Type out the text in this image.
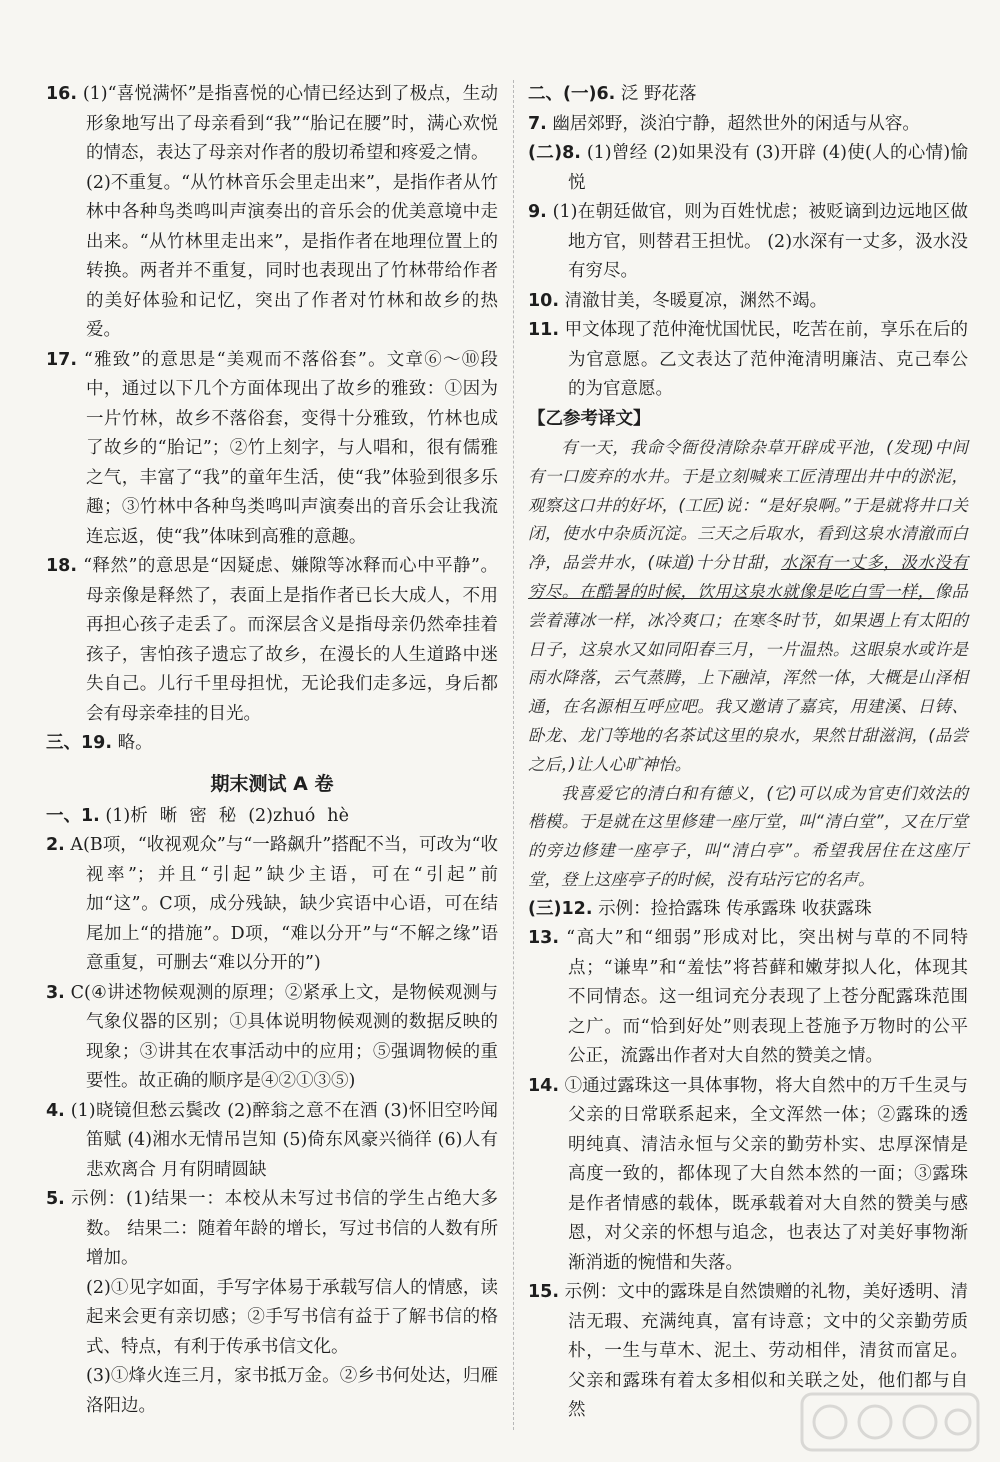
16. (1)“喜悦满怀”是指喜悦的心情已经达到了极点，生动形象地写出了母亲看到“我”“胎记在腰”时，满心欢悦的情态，表达了母亲对作者的殷切希望和疼爱之情。

(2)不重复。“从竹林音乐会里走出来”，是指作者从竹林中各种鸟类鸣叫声演奏出的音乐会的优美意境中走出来。“从竹林里走出来”，是指作者在地理位置上的转换。两者并不重复，同时也表现出了竹林带给作者的美好体验和记忆，突出了作者对竹林和故乡的热爱。

17. “雅致”的意思是“美观而不落俗套”。文章⑥～⑩段中，通过以下几个方面体现出了故乡的雅致：①因为一片竹林，故乡不落俗套，变得十分雅致，竹林也成了故乡的“胎记”；②竹上刻字，与人唱和，很有儒雅之气，丰富了“我”的童年生活，使“我”体验到很多乐趣；③竹林中各种鸟类鸣叫声演奏出的音乐会让我流连忘返，使“我”体味到高雅的意趣。

18. “释然”的意思是“因疑虑、嫌隙等冰释而心中平静”。母亲像是释然了，表面上是指作者已长大成人，不用再担心孩子走丢了。而深层含义是指母亲仍然牵挂着孩子，害怕孩子遗忘了故乡，在漫长的人生道路中迷失自己。儿行千里母担忧，无论我们走多远，身后都会有母亲牵挂的目光。

三、19. 略。

期末测试 A 卷

一、1. (1)析 晰 密 秘 (2)zhuó hè

2. A(B项，“收视观众”与“一路飙升”搭配不当，可改为“收视率”；并且“引起”缺少主语，可在“引起”前加“这”。C项，成分残缺，缺少宾语中心语，可在结尾加上“的措施”。D项，“难以分开”与“不解之缘”语意重复，可删去“难以分开的”)

3. C(④讲述物候观测的原理；②紧承上文，是物候观测与气象仪器的区别；①具体说明物候观测的数据反映的现象；③讲其在农事活动中的应用；⑤强调物候的重要性。故正确的顺序是④②①③⑤)

4. (1)晓镜但愁云鬓改 (2)醉翁之意不在酒 (3)怀旧空吟闻笛赋 (4)湘水无情吊岂知 (5)倚东风豪兴徜徉 (6)人有悲欢离合 月有阴晴圆缺

5. 示例：(1)结果一：本校从未写过书信的学生占绝大多数。 结果二：随着年龄的增长，写过书信的人数有所增加。

(2)①见字如面，手写字体易于承载写信人的情感，读起来会更有亲切感；②手写书信有益于了解书信的格式、特点，有利于传承书信文化。

(3)①烽火连三月，家书抵万金。②乡书何处达，归雁洛阳边。

二、(一)6. 泛 野花落

7. 幽居郊野，淡泊宁静，超然世外的闲适与从容。

(二)8. (1)曾经 (2)如果没有 (3)开辟 (4)使(人的心情)愉悦

9. (1)在朝廷做官，则为百姓忧虑；被贬谪到边远地区做地方官，则替君王担忧。 (2)水深有一丈多，汲水没有穷尽。

10. 清澈甘美，冬暖夏凉，渊然不竭。

11. 甲文体现了范仲淹忧国忧民，吃苦在前，享乐在后的为官意愿。乙文表达了范仲淹清明廉洁、克己奉公的为官意愿。

【乙参考译文】

有一天，我命令衙役清除杂草开辟成平池，(发现)中间有一口废弃的水井。于是立刻喊来工匠清理出井中的淤泥，观察这口井的好坏，(工匠)说：“是好泉啊。”于是就将井口关闭，使水中杂质沉淀。三天之后取水，看到这泉水清澈而白净，品尝井水，(味道)十分甘甜，水深有一丈多，汲水没有穷尽。在酷暑的时候，饮用这泉水就像是吃白雪一样，像品尝着薄冰一样，冰冷爽口；在寒冬时节，如果遇上有太阳的日子，这泉水又如同阳春三月，一片温热。这眼泉水或许是雨水降落，云气蒸腾，上下融淖，浑然一体，大概是山泽相通，在名源相互呼应吧。我又邀请了嘉宾，用建溪、日铸、卧龙、龙门等地的名茶试这里的泉水，果然甘甜滋润，(品尝之后，)让人心旷神怡。

我喜爱它的清白和有德义，(它)可以成为官吏们效法的楷模。于是就在这里修建一座厅堂，叫“清白堂”，又在厅堂的旁边修建一座亭子，叫“清白亭”。希望我居住在这座厅堂，登上这座亭子的时候，没有玷污它的名声。

(三)12. 示例：捡拾露珠 传承露珠 收获露珠

13. “高大”和“细弱”形成对比，突出树与草的不同特点；“谦卑”和“羞怯”将苔藓和嫩芽拟人化，体现其不同情态。这一组词充分表现了上苍分配露珠范围之广。而“恰到好处”则表现上苍施予万物时的公平公正，流露出作者对大自然的赞美之情。

14. ①通过露珠这一具体事物，将大自然中的万千生灵与父亲的日常联系起来，全文浑然一体；②露珠的透明纯真、清洁永恒与父亲的勤劳朴实、忠厚深情是高度一致的，都体现了大自然本然的一面；③露珠是作者情感的载体，既承载着对大自然的赞美与感恩，对父亲的怀想与追念，也表达了对美好事物渐渐消逝的惋惜和失落。

15. 示例：文中的露珠是自然馈赠的礼物，美好透明、清洁无瑕、充满纯真，富有诗意；文中的父亲勤劳质朴，一生与草木、泥土、劳动相伴，清贫而富足。父亲和露珠有着太多相似和关联之处，他们都与自然
